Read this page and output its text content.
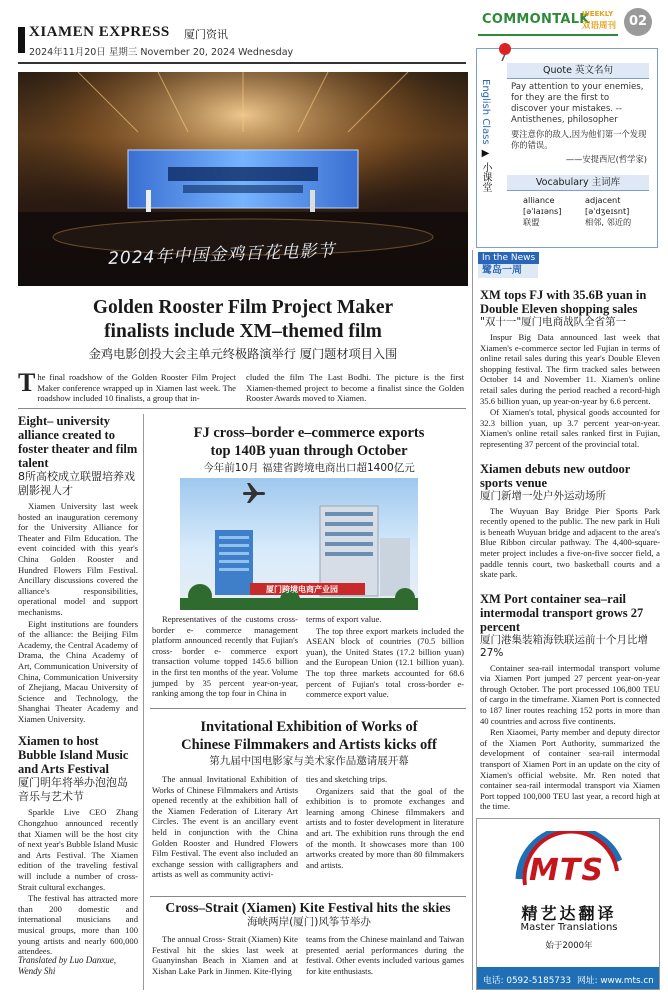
XIAMEN EXPRESS 厦门资讯
2024年11月20日 星期三 November 20, 2024 Wednesday
COMMONTALK
WEEKLY
双语周刊 02
2024年中国金鸡百花电影节
Golden Rooster Film Project Maker
finalists include XM–themed film
金鸡电影创投大会主单元终极路演举行 厦门题材项目入围
T he final roadshow of the Golden Rooster Film Project Maker conference wrapped up in Xiamen last week. The roadshow included 10 finalists, a group that in-
cluded the film The Last Bodhi. The picture is the first Xiamen-themed project to become a finalist since the Golden Rooster Awards moved to Xiamen.
Eight– university alliance created to foster theater and film talent
8所高校成立联盟培养戏剧影视人才

Xiamen University last week hosted an inauguration ceremony for the University Alliance for Theater and Film Education. The event coincided with this year's China Golden Rooster and Hundred Flowers Film Festival. Ancillary discussions covered the alliance's responsibilities, operational model and support mechanisms.

Eight institutions are founders of the alliance: the Beijing Film Academy, the Central Academy of Drama, the China Academy of Art, Communication University of China, Communication University of Zhejiang, Macau University of Science and Technology, the Shanghai Theater Academy and Xiamen University.

Xiamen to host Bubble Island Music and Arts Festival
厦门明年将举办泡泡岛音乐与艺术节

Sparkle Live CEO Zhang Chongzhuo announced recently that Xiamen will be the host city of next year's Bubble Island Music and Arts Festival. The Xiamen edition of the traveling festival will include a number of cross-Strait cultural exchanges.

The festival has attracted more than 200 domestic and international musicians and musical groups, more than 100 young artists and nearly 600,000 attendees.

Translated by Luo Danxue, Wendy Shi
FJ cross–border e–commerce exports
top 140B yuan through October
今年前10月 福建省跨境电商出口超1400亿元
厦门跨境电商产业园
Representatives of the customs cross- border e- commerce management platform announced recently that Fujian's cross- border e- commerce export transaction volume topped 145.6 billion in the first ten months of the year. Volume jumped by 35 percent year-on-year, ranking among the top four in China in

terms of export value.

The top three export markets included the ASEAN block of countries (70.5 billion yuan), the United States (17.2 billion yuan) and the European Union (12.1 billion yuan). The top three markets accounted for 68.6 percent of Fujian's total cross-border e-commerce export value.

Invitational Exhibition of Works of
Chinese Filmmakers and Artists kicks off
第九届中国电影家与美术家作品邀请展开幕
The annual Invitational Exhibition of Works of Chinese Filmmakers and Artists opened recently at the exhibition hall of the Xiamen Federation of Literary Art Circles. The event is an ancillary event held in conjunction with the China Golden Rooster and Hundred Flowers Film Festival. The event also included an exchange session with calligraphers and artists as well as community activi-

ties and sketching trips.

Organizers said that the goal of the exhibition is to promote exchanges and learning among Chinese filmmakers and artists and to foster development in literature and art. The exhibition runs through the end of the month. It showcases more than 100 artworks created by more than 80 filmmakers and artists.

Cross–Strait (Xiamen) Kite Festival hits the skies
海峡两岸(厦门)风筝节举办
The annual Cross- Strait (Xiamen) Kite Festival hit the skies last week at Guanyinshan Beach in Xiamen and at Xishan Lake Park in Jinmen. Kite-flying
teams from the Chinese mainland and Taiwan presented aerial performances during the festival. Other events included various games for kite enthusiasts.
English Class ▶ 小课堂
Quote 英文名句
Pay attention to your enemies, for they are the first to discover your mistakes. -- Antisthenes, philosopher
要注意你的敌人,因为他们第一个发现你的错误。
——安提西尼(哲学家)
Vocabulary 主词库
alliance
[əˈlaɪəns]
联盟
adjacent
[əˈdʒeɪsnt]
相邻, 邻近的
In the News
鹭岛一周
XM tops FJ with 35.6B yuan in Double Eleven shopping sales
"双十一"厦门电商战队全省第一

Inspur Big Data announced last week that Xiamen's e-commerce sector led Fujian in terms of online retail sales during this year's Double Eleven shopping festival. The firm tracked sales between October 14 and November 11. Xiamen's online retail sales during the period reached a record-high 35.6 billion yuan, up year-on-year by 6.6 percent.

Of Xiamen's total, physical goods accounted for 32.3 billion yuan, up 3.7 percent year-on-year. Xiamen's online retail sales ranked first in Fujian, representing 37 percent of the provincial total.

Xiamen debuts new outdoor sports venue
厦门新增一处户外运动场所

The Wuyuan Bay Bridge Pier Sports Park recently opened to the public. The new park in Huli is beneath Wuyuan bridge and adjacent to the area's Blue Ribbon circular pathway. The 4,400-square-meter project includes a five-on-five soccer field, a paddle tennis court, two basketball courts and a skate park.

XM Port container sea–rail intermodal transport grows 27 percent
厦门港集装箱海铁联运前十个月比增27%

Container sea-rail intermodal transport volume via Xiamen Port jumped 27 percent year-on-year through October. The port processed 106,800 TEU of cargo in the timeframe. Xiamen Port is connected to 187 liner routes reaching 152 ports in more than 40 countries and across five continents.

Ren Xiaomei, Party member and deputy director of the Xiamen Port Authority, summarized the development of container sea-rail intermodal transport of Xiamen Port in an update on the city of Xiamen's official website. Mr. Ren noted that container sea-rail intermodal transport via Xiamen Port topped 100,000 TEU last year, a record high at the time.

MTS
精艺达翻译
Master Translations
始于2000年
电话: 0592-5185733 网址: www.mts.cn
